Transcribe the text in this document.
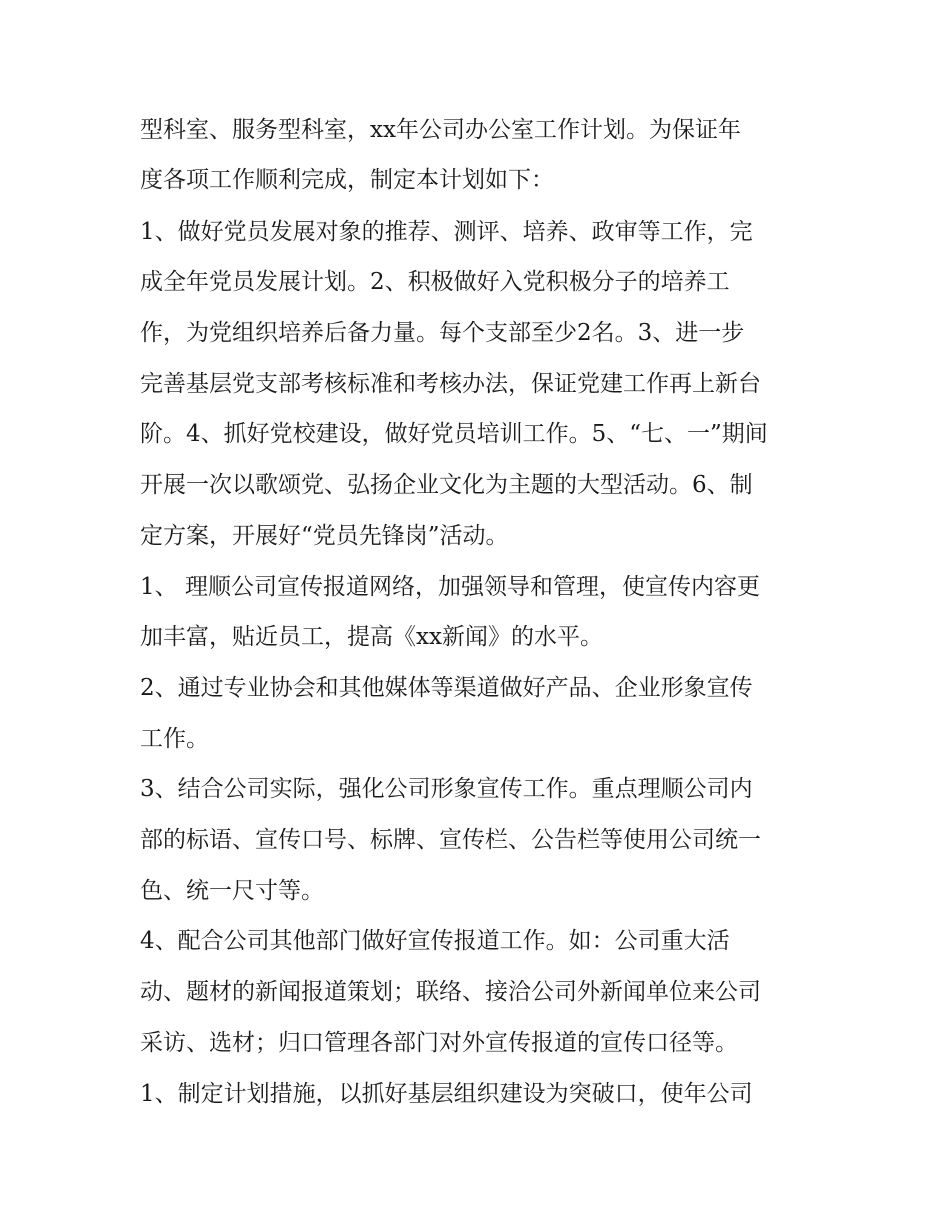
型科室、服务型科室，xx年公司办公室工作计划。为保证年
度各项工作顺利完成，制定本计划如下：
1、做好党员发展对象的推荐、测评、培养、政审等工作，完
成全年党员发展计划。2、积极做好入党积极分子的培养工
作，为党组织培养后备力量。每个支部至少2名。3、进一步
完善基层党支部考核标准和考核办法，保证党建工作再上新台
阶。4、抓好党校建设，做好党员培训工作。5、“七、一”期间
开展一次以歌颂党、弘扬企业文化为主题的大型活动。6、制
定方案，开展好“党员先锋岗”活动。
1、 理顺公司宣传报道网络，加强领导和管理，使宣传内容更
加丰富，贴近员工，提高《xx新闻》的水平。
2、通过专业协会和其他媒体等渠道做好产品、企业形象宣传
工作。
3、结合公司实际，强化公司形象宣传工作。重点理顺公司内
部的标语、宣传口号、标牌、宣传栏、公告栏等使用公司统一
色、统一尺寸等。
4、配合公司其他部门做好宣传报道工作。如：公司重大活
动、题材的新闻报道策划；联络、接洽公司外新闻单位来公司
采访、选材；归口管理各部门对外宣传报道的宣传口径等。
1、制定计划措施，以抓好基层组织建设为突破口，使年公司
